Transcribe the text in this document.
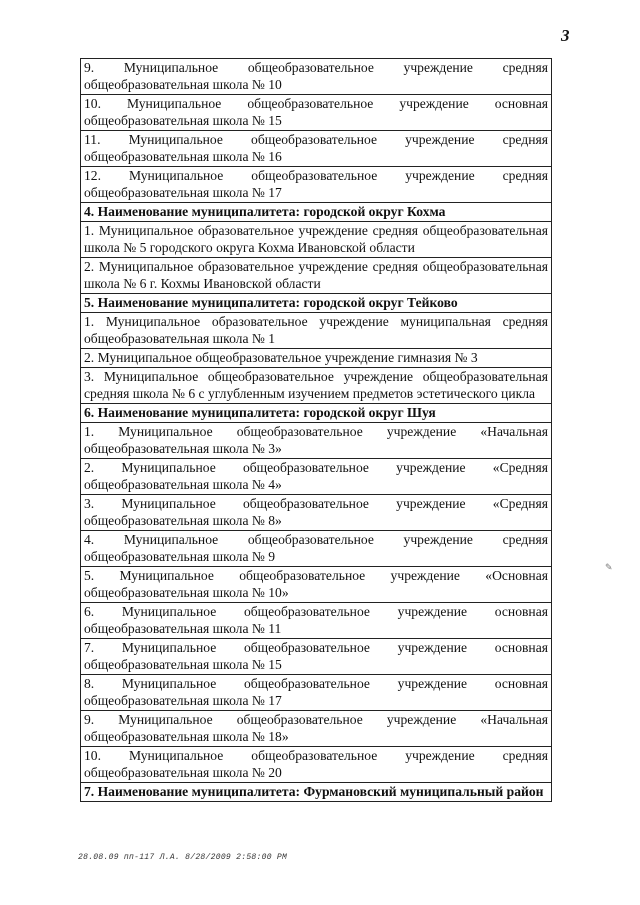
3
9. Муниципальное общеобразовательное учреждение средняя общеобразовательная школа № 10

10. Муниципальное общеобразовательное учреждение основная общеобразовательная школа № 15

11. Муниципальное общеобразовательное учреждение средняя общеобразовательная школа № 16

12. Муниципальное общеобразовательное учреждение средняя общеобразовательная школа № 17

4. Наименование муниципалитета: городской округ Кохма

1. Муниципальное образовательное учреждение средняя общеобразовательная школа № 5 городского округа Кохма Ивановской области

2. Муниципальное образовательное учреждение средняя общеобразовательная школа № 6 г. Кохмы Ивановской области

5. Наименование муниципалитета: городской округ Тейково

1. Муниципальное образовательное учреждение муниципальная средняя общеобразовательная школа № 1

2. Муниципальное общеобразовательное учреждение гимназия № 3

3. Муниципальное общеобразовательное учреждение общеобразовательная средняя школа № 6 с углубленным изучением предметов эстетического цикла

6. Наименование муниципалитета: городской округ Шуя

1. Муниципальное общеобразовательное учреждение «Начальная общеобразовательная школа № 3»

2. Муниципальное общеобразовательное учреждение «Средняя общеобразовательная школа № 4»

3. Муниципальное общеобразовательное учреждение «Средняя общеобразовательная школа № 8»

4. Муниципальное общеобразовательное учреждение средняя общеобразовательная школа № 9

5. Муниципальное общеобразовательное учреждение «Основная общеобразовательная школа № 10»

6. Муниципальное общеобразовательное учреждение основная общеобразовательная школа № 11

7. Муниципальное общеобразовательное учреждение основная общеобразовательная школа № 15

8. Муниципальное общеобразовательное учреждение основная общеобразовательная школа № 17

9. Муниципальное общеобразовательное учреждение «Начальная общеобразовательная школа № 18»

10. Муниципальное общеобразовательное учреждение средняя общеобразовательная школа № 20

7. Наименование муниципалитета: Фурмановский муниципальный район
✎
28.08.09 пп-117 Л.А. 8/28/2009 2:58:00 PM
